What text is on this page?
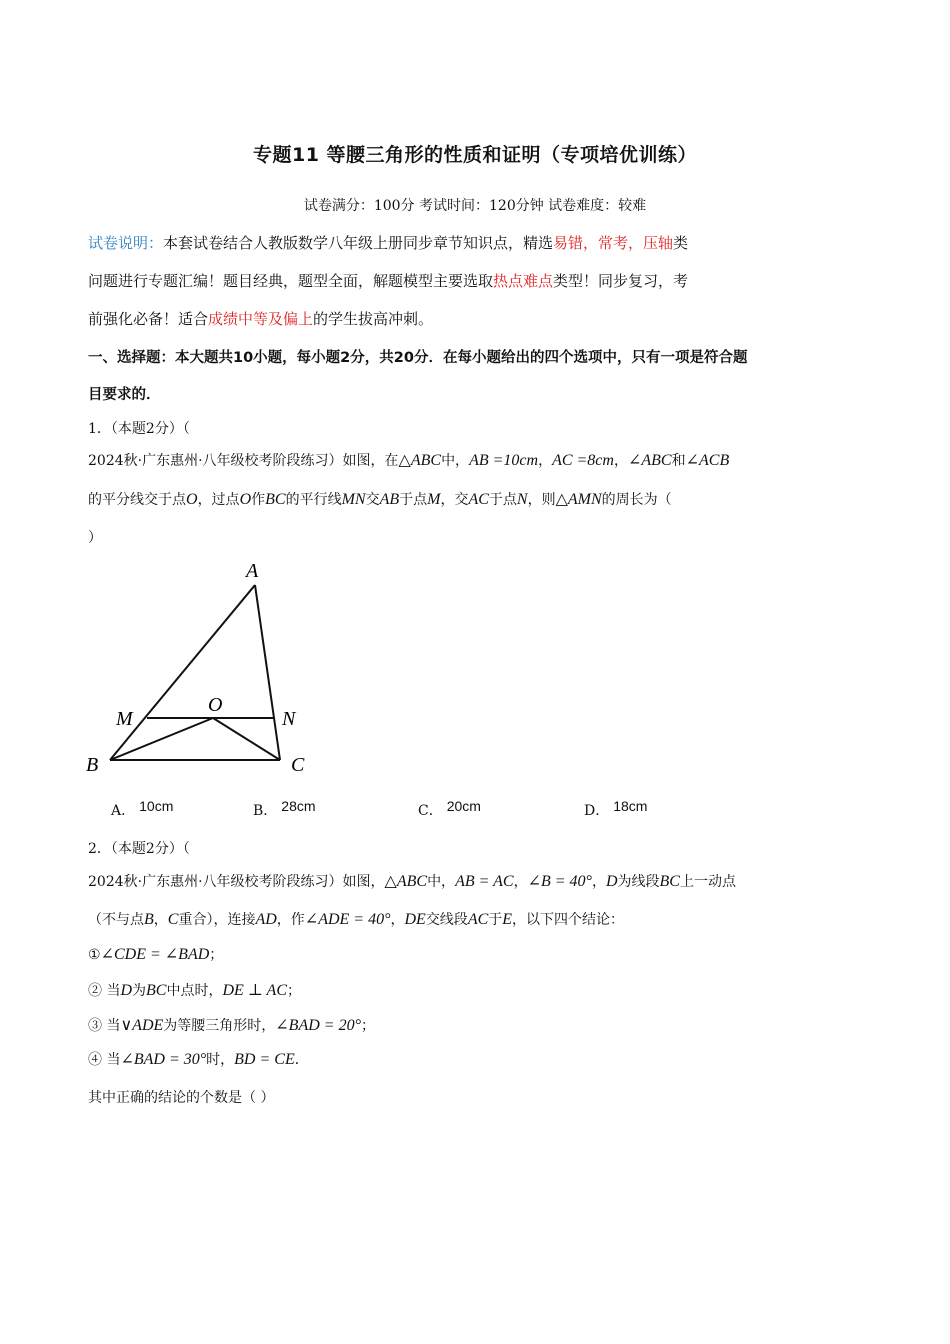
专题11 等腰三角形的性质和证明（专项培优训练）
试卷满分：100分 考试时间：120分钟 试卷难度：较难
试卷说明：本套试卷结合人教版数学八年级上册同步章节知识点，精选易错，常考，压轴类
问题进行专题汇编！题目经典，题型全面，解题模型主要选取热点难点类型！同步复习，考
前强化必备！适合成绩中等及偏上的学生拔高冲刺。
一、选择题：本大题共10小题，每小题2分，共20分．在每小题给出的四个选项中，只有一项是符合题
目要求的．
1．（本题2分）（
2024秋·广东惠州·八年级校考阶段练习）如图，在△ABC中，AB =10cm，AC =8cm，∠ABC和∠ACB
的平分线交于点O，过点O作BC的平行线MN交AB于点M，交AC于点N，则△AMN的周长为（
）
A
M
O
N
B	C
A． 10cm	B． 28cm	C． 20cm	D． 18cm
2．（本题2分）（
2024秋·广东惠州·八年级校考阶段练习）如图，△ABC中，AB = AC，∠B = 40°，D为线段BC上一动点
（不与点B，C重合），连接AD，作∠ADE = 40°，DE交线段AC于E，以下四个结论：
①∠CDE = ∠BAD；
② 当D为BC中点时，DE ⊥ AC；
③ 当∨ADE为等腰三角形时，∠BAD = 20°；
④ 当∠BAD = 30°时，BD = CE．
其中正确的结论的个数是（ ）
